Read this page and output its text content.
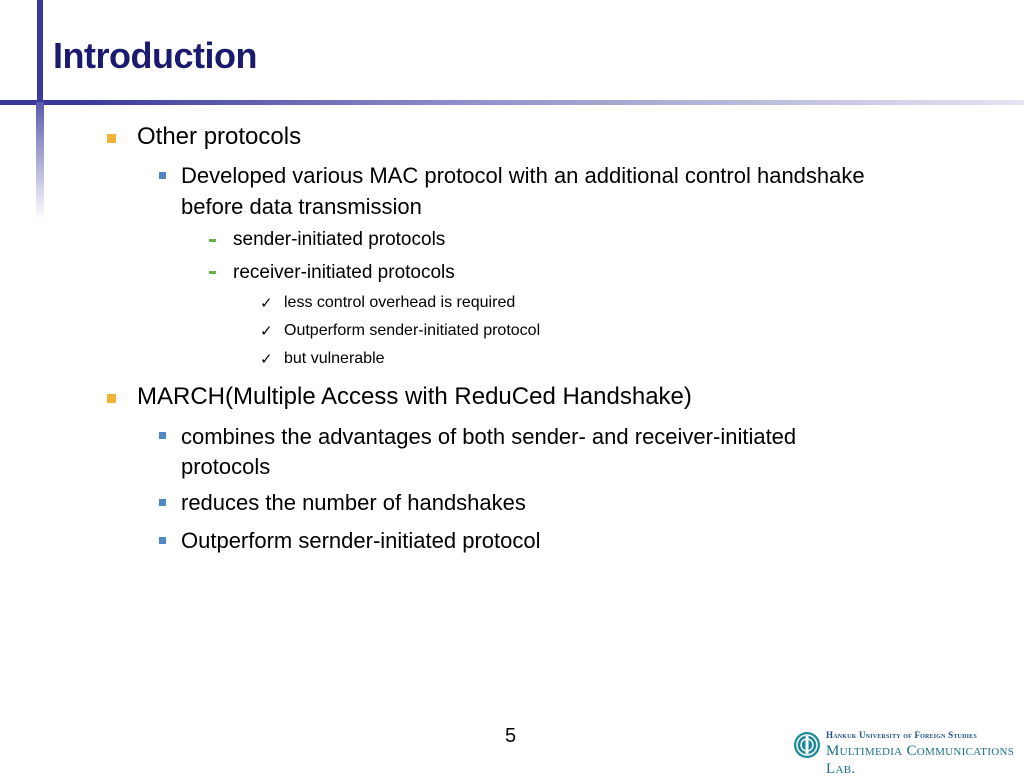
Introduction
Other protocols
Developed various MAC protocol with an additional control handshake
before data transmission
sender-initiated protocols
receiver-initiated protocols
✓ less control overhead is required
✓ Outperform sender-initiated protocol
✓ but vulnerable
MARCH(Multiple Access with ReduCed Handshake)
combines the advantages of both sender- and receiver-initiated
protocols
reduces the number of handshakes
Outperform sernder-initiated protocol
5	Hankuk University of Foreign Studies
Multimedia Communications Lab.
